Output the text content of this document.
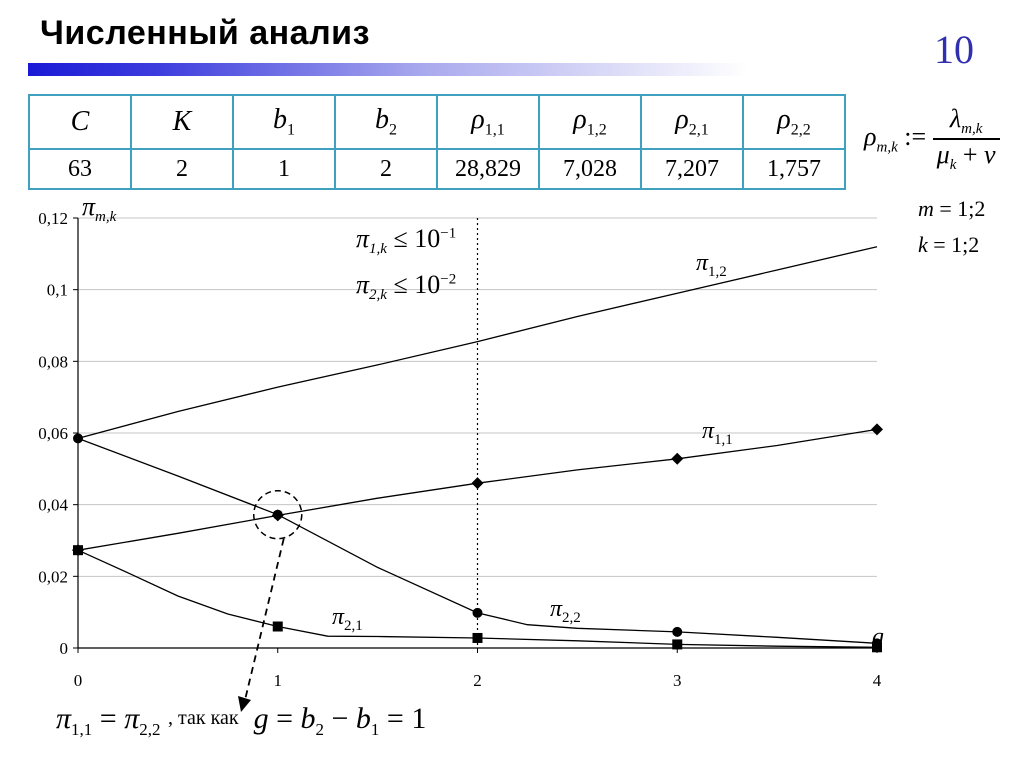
Численный анализ	10
C	K	$b_1$	$b_2$	$\rho_{1,1}$	$\rho_{1,2}$	$\rho_{2,1}$	$\rho_{2,2}$
63	2	1	2	28,829	7,028	7,207	1,757
$\rho_{m,k}$ := $\frac{\lambda_{m,k}}{\mu_k + \nu}$
m = 1;2
k = 1;2
0
0,02
0,04
0,06
0,08
0,1
0,12
0	1	2	3	4
$\pi_{m,k}$
g
$\pi_{1,k} \le 10^{-1}$
$\pi_{2,k} \le 10^{-2}$
$\pi_{1,2}$
$\pi_{1,1}$
$\pi_{2,2}$
$\pi_{2,1}$
$\pi_{1,1} = \pi_{2,2}$ , так как  $g = b_2 - b_1 = 1$
